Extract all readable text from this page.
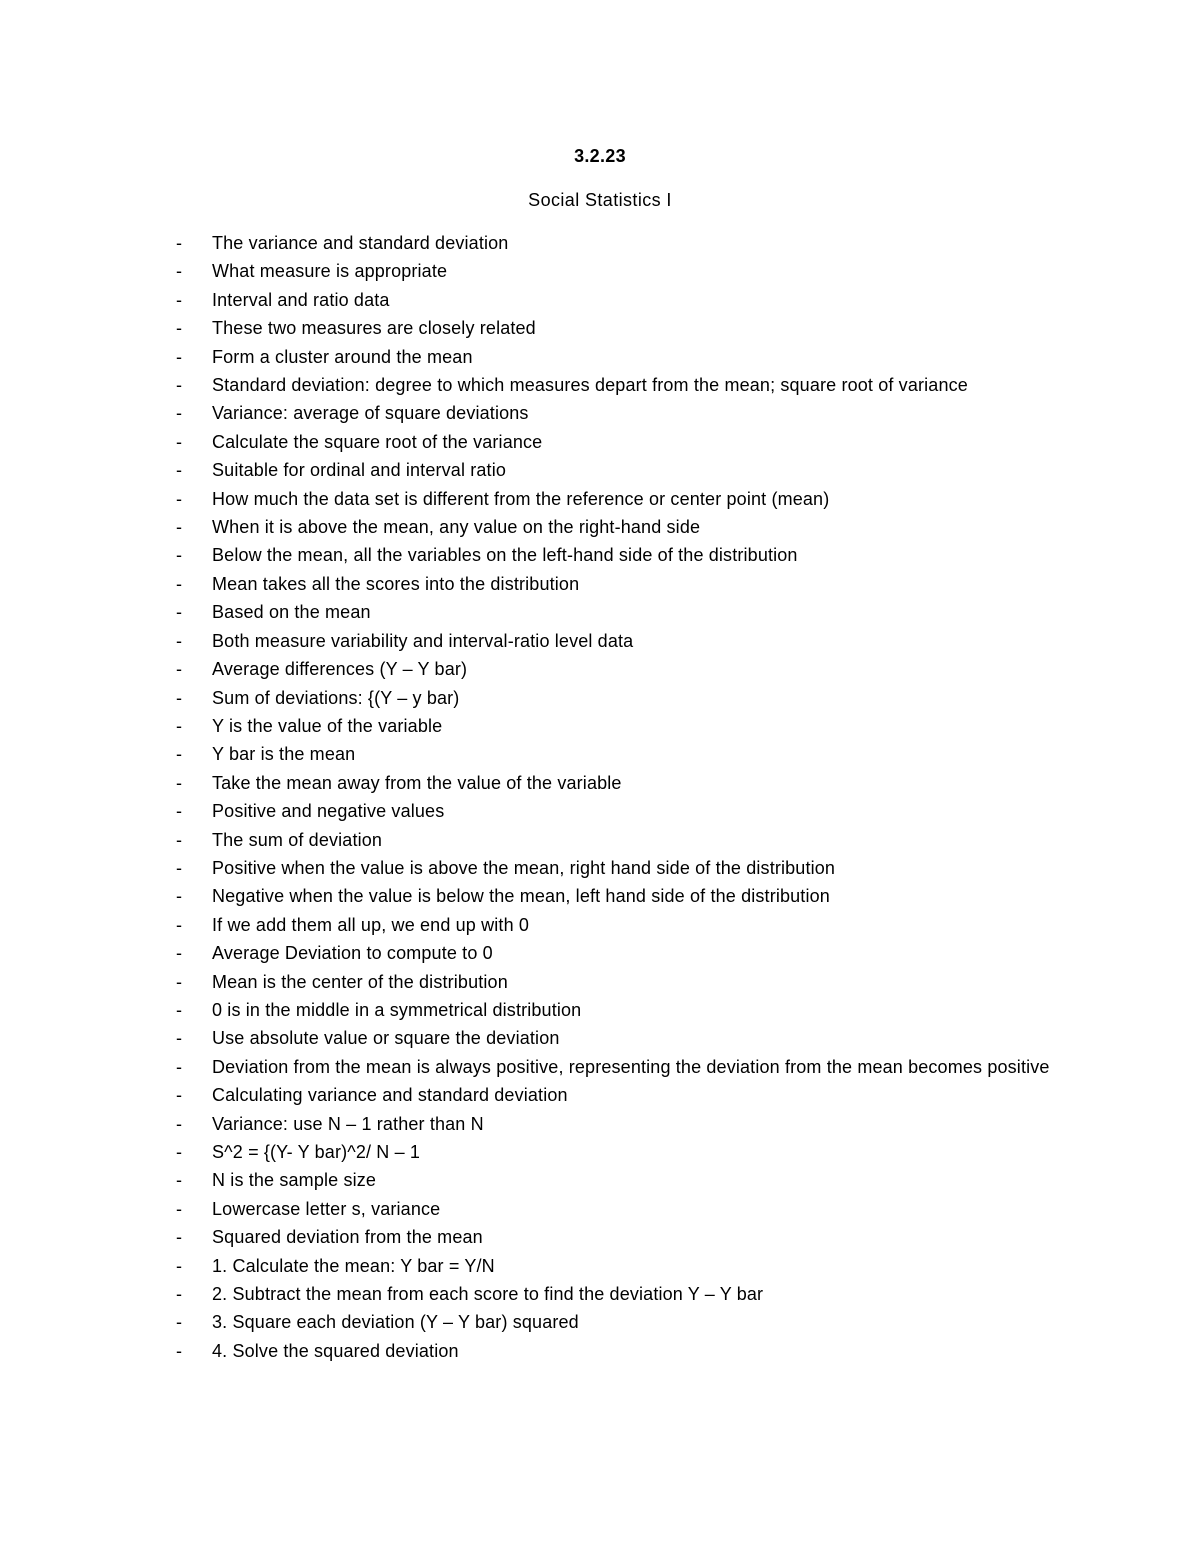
3.2.23
Social Statistics I
-	The variance and standard deviation
-	What measure is appropriate
-	Interval and ratio data
-	These two measures are closely related
-	Form a cluster around the mean
-	Standard deviation: degree to which measures depart from the mean; square root of variance
-	Variance: average of square deviations
-	Calculate the square root of the variance
-	Suitable for ordinal and interval ratio
-	How much the data set is different from the reference or center point (mean)
-	When it is above the mean, any value on the right-hand side
-	Below the mean, all the variables on the left-hand side of the distribution
-	Mean takes all the scores into the distribution
-	Based on the mean
-	Both measure variability and interval-ratio level data
-	Average differences (Y – Y bar)
-	Sum of deviations: {(Y – y bar)
-	Y is the value of the variable
-	Y bar is the mean
-	Take the mean away from the value of the variable
-	Positive and negative values
-	The sum of deviation
-	Positive when the value is above the mean, right hand side of the distribution
-	Negative when the value is below the mean, left hand side of the distribution
-	If we add them all up, we end up with 0
-	Average Deviation to compute to 0
-	Mean is the center of the distribution
-	0 is in the middle in a symmetrical distribution
-	Use absolute value or square the deviation
-	Deviation from the mean is always positive, representing the deviation from the mean becomes positive
-	Calculating variance and standard deviation
-	Variance: use N – 1 rather than N
-	S^2 = {(Y- Y bar)^2/ N – 1
-	N is the sample size
-	Lowercase letter s, variance
-	Squared deviation from the mean
-	1. Calculate the mean: Y bar = Y/N
-	2. Subtract the mean from each score to find the deviation Y – Y bar
-	3. Square each deviation (Y – Y bar) squared
-	4. Solve the squared deviation
